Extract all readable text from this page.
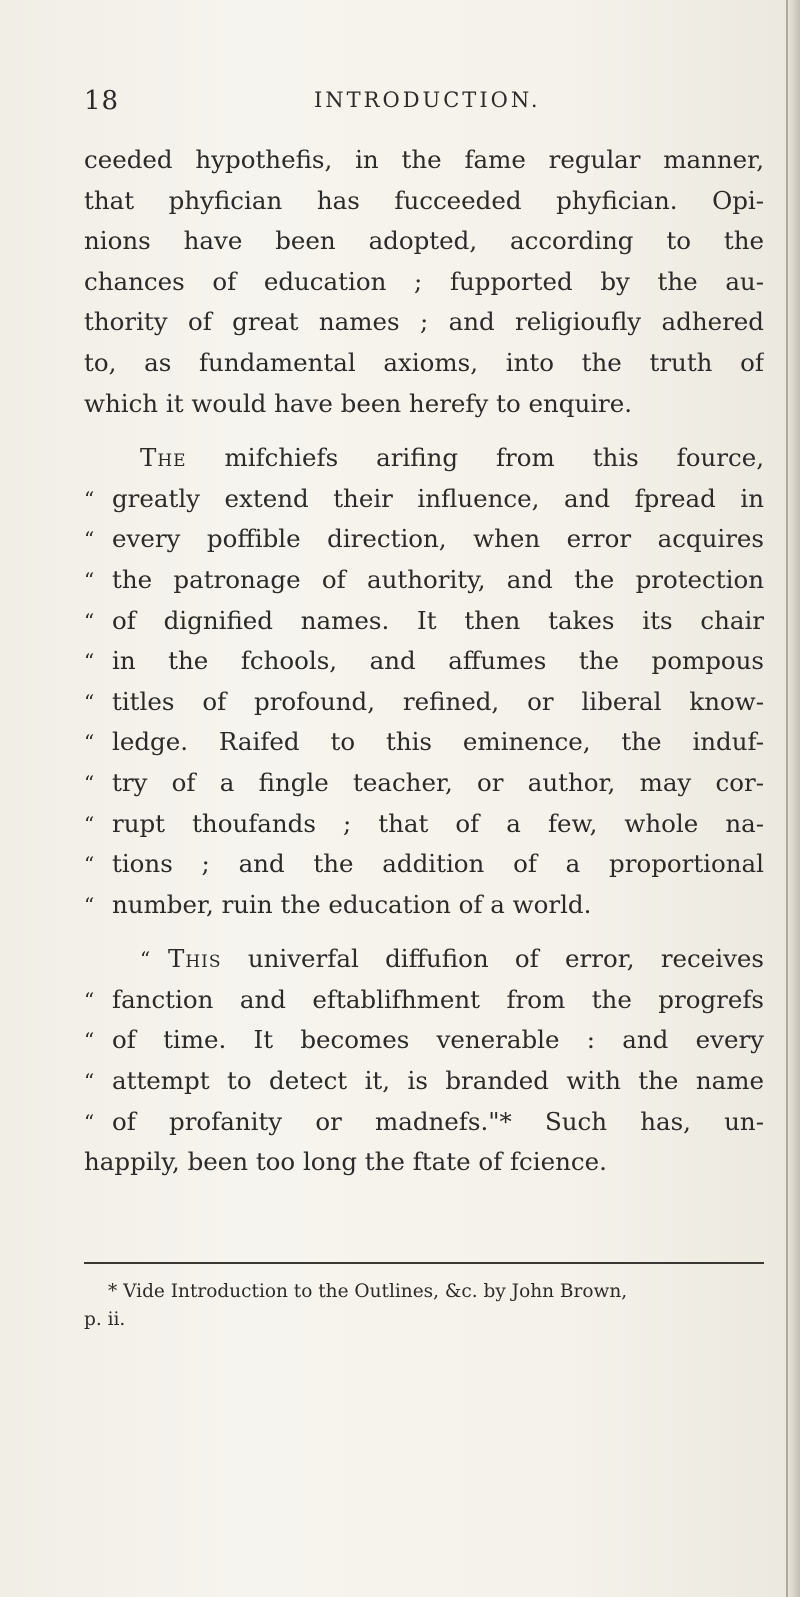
18	INTRODUCTION.
ceeded hypothefis, in the fame regular manner,
that phyfician has fucceeded phyfician. Opi-
nions have been adopted, according to the
chances of education ; fupported by the au-
thority of great names ; and religioufly adhered
to, as fundamental axioms, into the truth of
which it would have been herefy to enquire.
The mifchiefs arifing from this fource,
“ greatly extend their influence, and fpread in
“ every poffible direction, when error acquires
“ the patronage of authority, and the protection
“ of dignified names. It then takes its chair
“ in the fchools, and affumes the pompous
“ titles of profound, refined, or liberal know-
“ ledge. Raifed to this eminence, the induf-
“ try of a fingle teacher, or author, may cor-
“ rupt thoufands ; that of a few, whole na-
“ tions ; and the addition of a proportional
“ number, ruin the education of a world.
“ This univerfal diffufion of error, receives
“ fanction and eftablifhment from the progrefs
“ of time. It becomes venerable : and every
“ attempt to detect it, is branded with the name
“ of profanity or madnefs."* Such has, un-
happily, been too long the ftate of fcience.
* Vide Introduction to the Outlines, &c. by John Brown,
p. ii.
